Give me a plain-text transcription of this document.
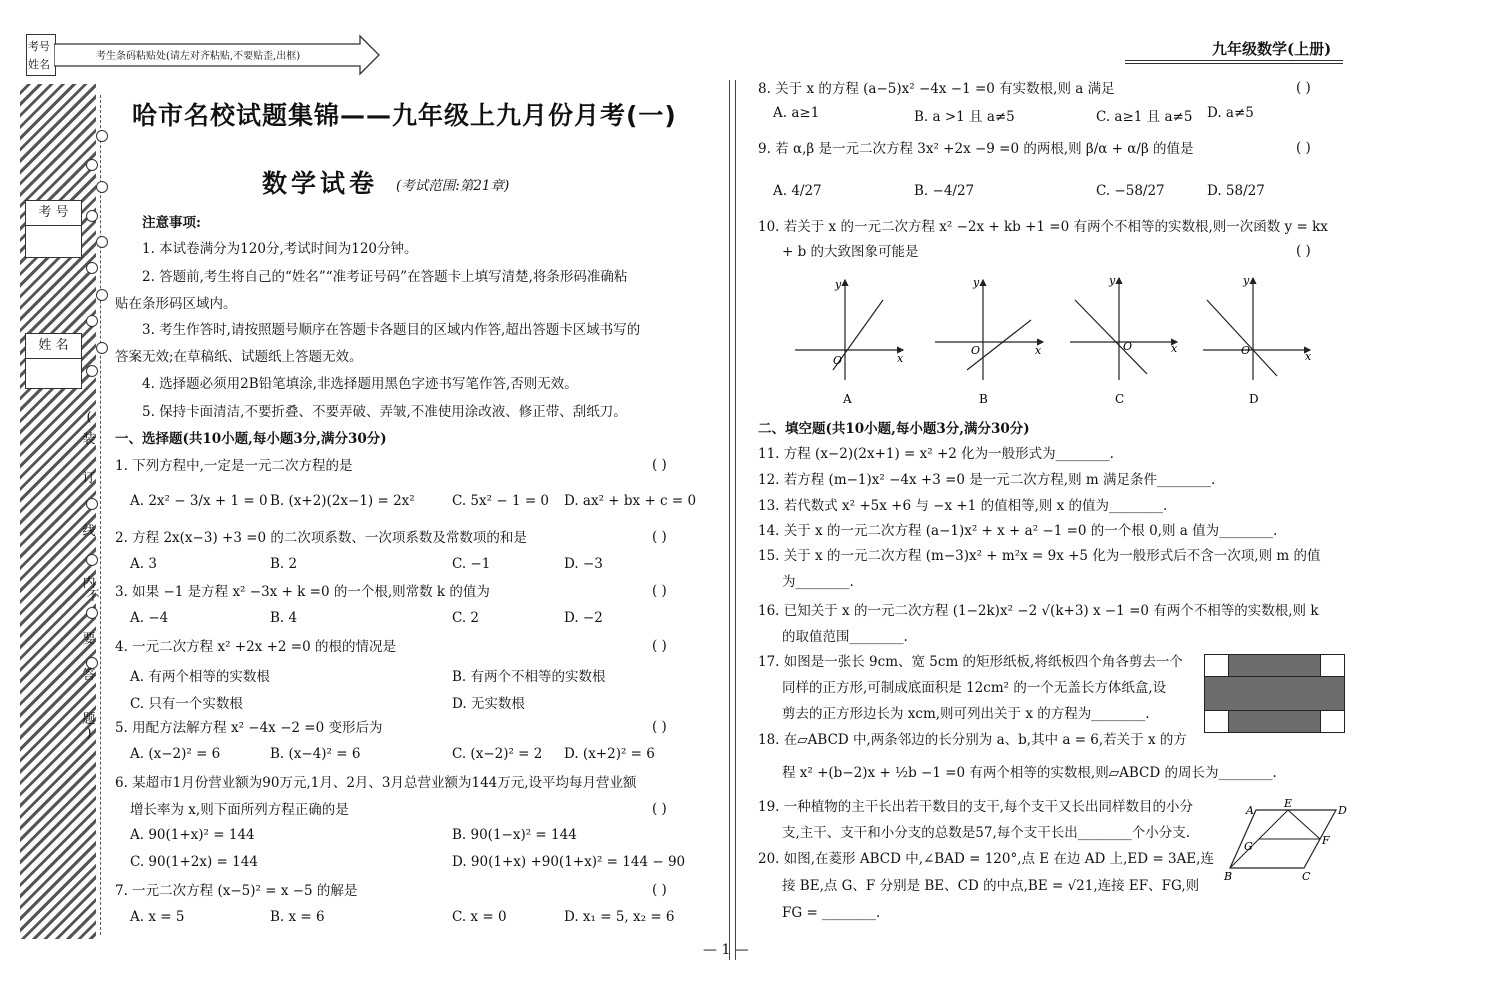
考号
姓名
考生条码粘贴处(请左对齐粘贴,不要贴歪,出框)	九年级数学(上册)
考 号
姓 名
(
装
订
线
内
不
要
答
题
)
哈市名校试题集锦——九年级上九月份月考(一)
数学试卷 (考试范围:第21章)
注意事项:
1. 本试卷满分为120分,考试时间为120分钟。
2. 答题前,考生将自己的“姓名”“准考证号码”在答题卡上填写清楚,将条形码准确粘
贴在条形码区域内。
3. 考生作答时,请按照题号顺序在答题卡各题目的区域内作答,超出答题卡区域书写的
答案无效;在草稿纸、试题纸上答题无效。
4. 选择题必须用2B铅笔填涂,非选择题用黑色字迹书写笔作答,否则无效。
5. 保持卡面清洁,不要折叠、不要弄破、弄皱,不准使用涂改液、修正带、刮纸刀。
一、选择题(共10小题,每小题3分,满分30分)
1. 下列方程中,一定是一元二次方程的是	( )
A. 2x² − 3/x + 1 = 0 B. (x+2)(2x−1) = 2x²	C. 5x² − 1 = 0 D. ax² + bx + c = 0
2. 方程 2x(x−3) +3 =0 的二次项系数、一次项系数及常数项的和是	( )
A. 3	B. 2	C. −1	D. −3
3. 如果 −1 是方程 x² −3x + k =0 的一个根,则常数 k 的值为	( )
A. −4	B. 4	C. 2	D. −2
4. 一元二次方程 x² +2x +2 =0 的根的情况是	( )
A. 有两个相等的实数根	B. 有两个不相等的实数根
C. 只有一个实数根	D. 无实数根
5. 用配方法解方程 x² −4x −2 =0 变形后为	( )
A. (x−2)² = 6	B. (x−4)² = 6	C. (x−2)² = 2 D. (x+2)² = 6
6. 某超市1月份营业额为90万元,1月、2月、3月总营业额为144万元,设平均每月营业额
增长率为 x,则下面所列方程正确的是	( )
A. 90(1+x)² = 144	B. 90(1−x)² = 144
C. 90(1+2x) = 144	D. 90(1+x) +90(1+x)² = 144 − 90
7. 一元二次方程 (x−5)² = x −5 的解是	( )
A. x = 5	B. x = 6	C. x = 0	D. x₁ = 5, x₂ = 6
8. 关于 x 的方程 (a−5)x² −4x −1 =0 有实数根,则 a 满足	( )
A. a≥1	B. a >1 且 a≠5	C. a≥1 且 a≠5 D. a≠5
9. 若 α,β 是一元二次方程 3x² +2x −9 =0 的两根,则 β/α + α/β 的值是	( )
A. 4/27	B. −4/27	C. −58/27	D. 58/27
10. 若关于 x 的一元二次方程 x² −2x + kb +1 =0 有两个不相等的实数根,则一次函数 y = kx
+ b 的大致图象可能是	( )
y
x
O
A
y
x
O
B
y
x
O
C
y
x
O
D
二、填空题(共10小题,每小题3分,满分30分)
11. 方程 (x−2)(2x+1) = x² +2 化为一般形式为________.
12. 若方程 (m−1)x² −4x +3 =0 是一元二次方程,则 m 满足条件________.
13. 若代数式 x² +5x +6 与 −x +1 的值相等,则 x 的值为________.
14. 关于 x 的一元二次方程 (a−1)x² + x + a² −1 =0 的一个根 0,则 a 值为________.
15. 关于 x 的一元二次方程 (m−3)x² + m²x = 9x +5 化为一般形式后不含一次项,则 m 的值
为________.
16. 已知关于 x 的一元二次方程 (1−2k)x² −2 √(k+3) x −1 =0 有两个不相等的实数根,则 k
的取值范围________.
17. 如图是一张长 9cm、宽 5cm 的矩形纸板,将纸板四个角各剪去一个
同样的正方形,可制成底面积是 12cm² 的一个无盖长方体纸盒,设
剪去的正方形边长为 xcm,则可列出关于 x 的方程为________.
18. 在▱ABCD 中,两条邻边的长分别为 a、b,其中 a = 6,若关于 x 的方
程 x² +(b−2)x + ½b −1 =0 有两个相等的实数根,则▱ABCD 的周长为________.
19. 一种植物的主干长出若干数目的支干,每个支干又长出同样数目的小分
支,主干、支干和小分支的总数是57,每个支干长出________个小分支.
20. 如图,在菱形 ABCD 中,∠BAD = 120°,点 E 在边 AD 上,ED = 3AE,连
接 BE,点 G、F 分别是 BE、CD 的中点,BE = √21,连接 EF、FG,则
FG = ________.
A
E
D
F
G
B	C
— 1 —
